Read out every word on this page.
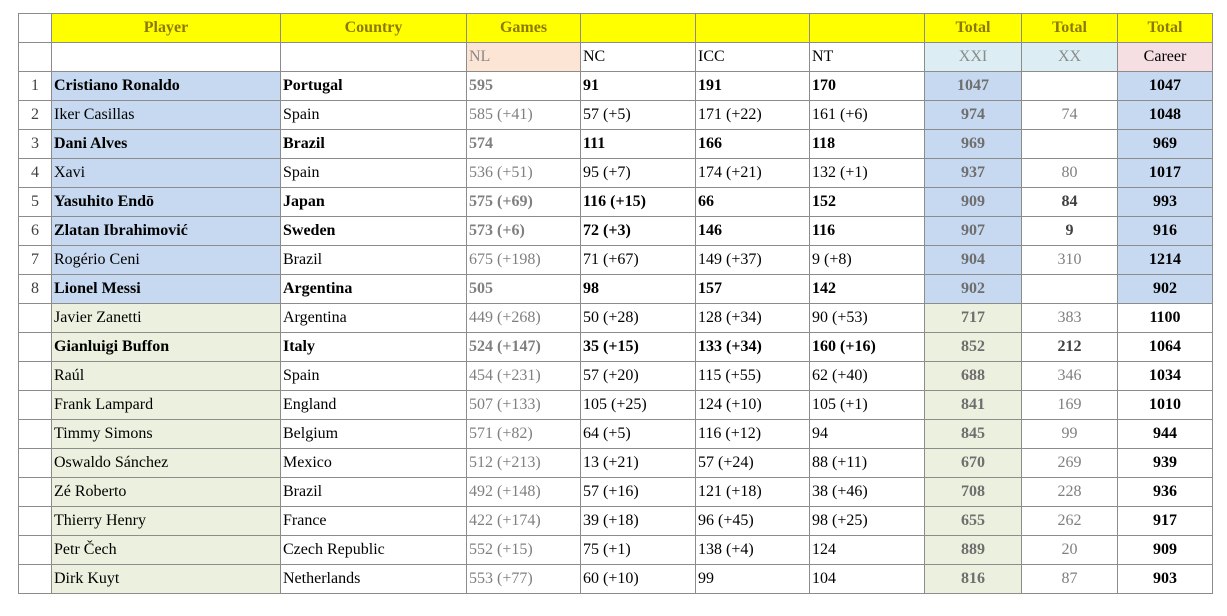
	Player	Country	Games				Total	Total	Total
			NL	NC	ICC	NT	XXI	XX	Career
1	Cristiano Ronaldo	Portugal	595	91	191	170	1047		1047
2	Iker Casillas	Spain	585 (+41)	57 (+5)	171 (+22)	161 (+6)	974	74	1048
3	Dani Alves	Brazil	574	111	166	118	969		969
4	Xavi	Spain	536 (+51)	95 (+7)	174 (+21)	132 (+1)	937	80	1017
5	Yasuhito Endō	Japan	575 (+69)	116 (+15)	66	152	909	84	993
6	Zlatan Ibrahimović	Sweden	573 (+6)	72 (+3)	146	116	907	9	916
7	Rogério Ceni	Brazil	675 (+198)	71 (+67)	149 (+37)	9 (+8)	904	310	1214
8	Lionel Messi	Argentina	505	98	157	142	902		902
	Javier Zanetti	Argentina	449 (+268)	50 (+28)	128 (+34)	90 (+53)	717	383	1100
	Gianluigi Buffon	Italy	524 (+147)	35 (+15)	133 (+34)	160 (+16)	852	212	1064
	Raúl	Spain	454 (+231)	57 (+20)	115 (+55)	62 (+40)	688	346	1034
	Frank Lampard	England	507 (+133)	105 (+25)	124 (+10)	105 (+1)	841	169	1010
	Timmy Simons	Belgium	571 (+82)	64 (+5)	116 (+12)	94	845	99	944
	Oswaldo Sánchez	Mexico	512 (+213)	13 (+21)	57 (+24)	88 (+11)	670	269	939
	Zé Roberto	Brazil	492 (+148)	57 (+16)	121 (+18)	38 (+46)	708	228	936
	Thierry Henry	France	422 (+174)	39 (+18)	96 (+45)	98 (+25)	655	262	917
	Petr Čech	Czech Republic	552 (+15)	75 (+1)	138 (+4)	124	889	20	909
	Dirk Kuyt	Netherlands	553 (+77)	60 (+10)	99	104	816	87	903
